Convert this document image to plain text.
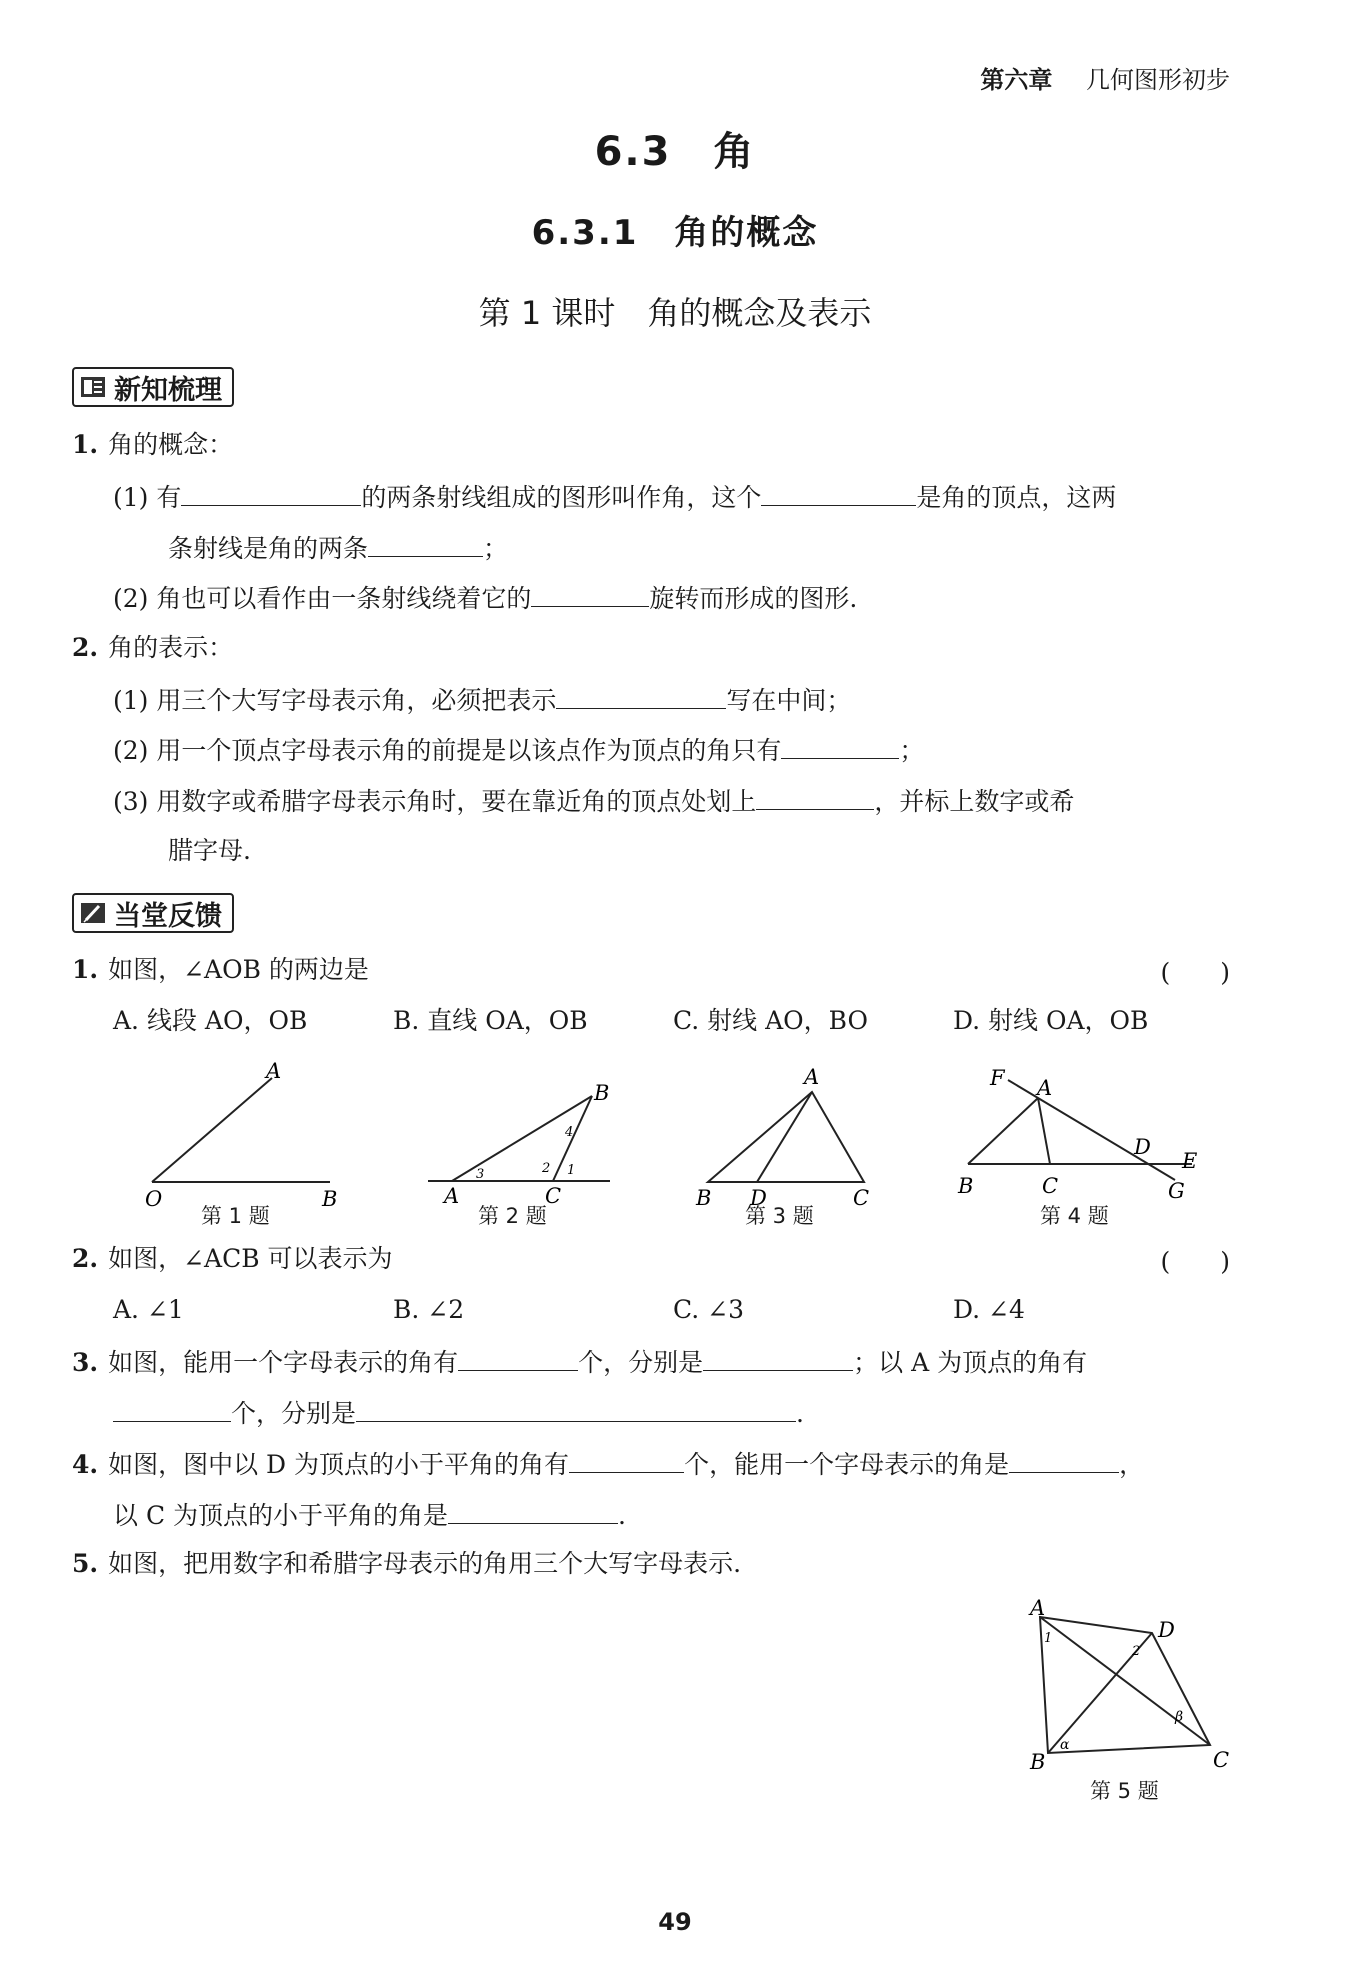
第六章 几何图形初步
6.3　角
6.3.1　角的概念
第 1 课时　角的概念及表示
新知梳理
1. 角的概念：
(1) 有	的两条射线组成的图形叫作角，这个	是角的顶点，这两
条射线是角的两条	；
(2) 角也可以看作由一条射线绕着它的	旋转而形成的图形.
2. 角的表示：
(1) 用三个大写字母表示角，必须把表示	写在中间；
(2) 用一个顶点字母表示角的前提是以该点作为顶点的角只有	；
(3) 用数字或希腊字母表示角时，要在靠近角的顶点处划上	，并标上数字或希
腊字母.
当堂反馈
1. 如图，∠AOB 的两边是	(　　)
A. 线段 AO，OB	B. 直线 OA，OB	C. 射线 AO，BO	D. 射线 OA，OB
A
O	B
B
4
3	2 1
A	C
A
B D	C
F A
D
E
B	C	G
第 1 题	第 2 题	第 3 题	第 4 题
2. 如图，∠ACB 可以表示为	(　　)
A. ∠1	B. ∠2	C. ∠3	D. ∠4
3. 如图，能用一个字母表示的角有	个，分别是	；以 A 为顶点的角有
个，分别是	.
4. 如图，图中以 D 为顶点的小于平角的角有	个，能用一个字母表示的角是	，
以 C 为顶点的小于平角的角是	.
5. 如图，把用数字和希腊字母表示的角用三个大写字母表示.
A
D
1
2
β
B
α
C
第 5 题
49
